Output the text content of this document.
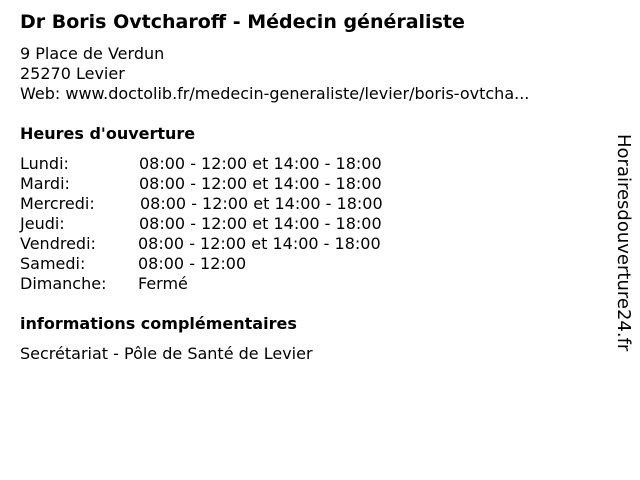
Dr Boris Ovtcharoff - Médecin généraliste
9 Place de Verdun
25270 Levier
Web: www.doctolib.fr/medecin-generaliste/levier/boris-ovtcha...
Heures d'ouverture
Lundi:	08:00 - 12:00 et 14:00 - 18:00
Mardi:	08:00 - 12:00 et 14:00 - 18:00
Mercredi:	08:00 - 12:00 et 14:00 - 18:00
Jeudi:	08:00 - 12:00 et 14:00 - 18:00
Vendredi:	08:00 - 12:00 et 14:00 - 18:00
Samedi:	08:00 - 12:00
Dimanche: Fermé
informations complémentaires
Secrétariat - Pôle de Santé de Levier
Horairesdouverture24.fr
